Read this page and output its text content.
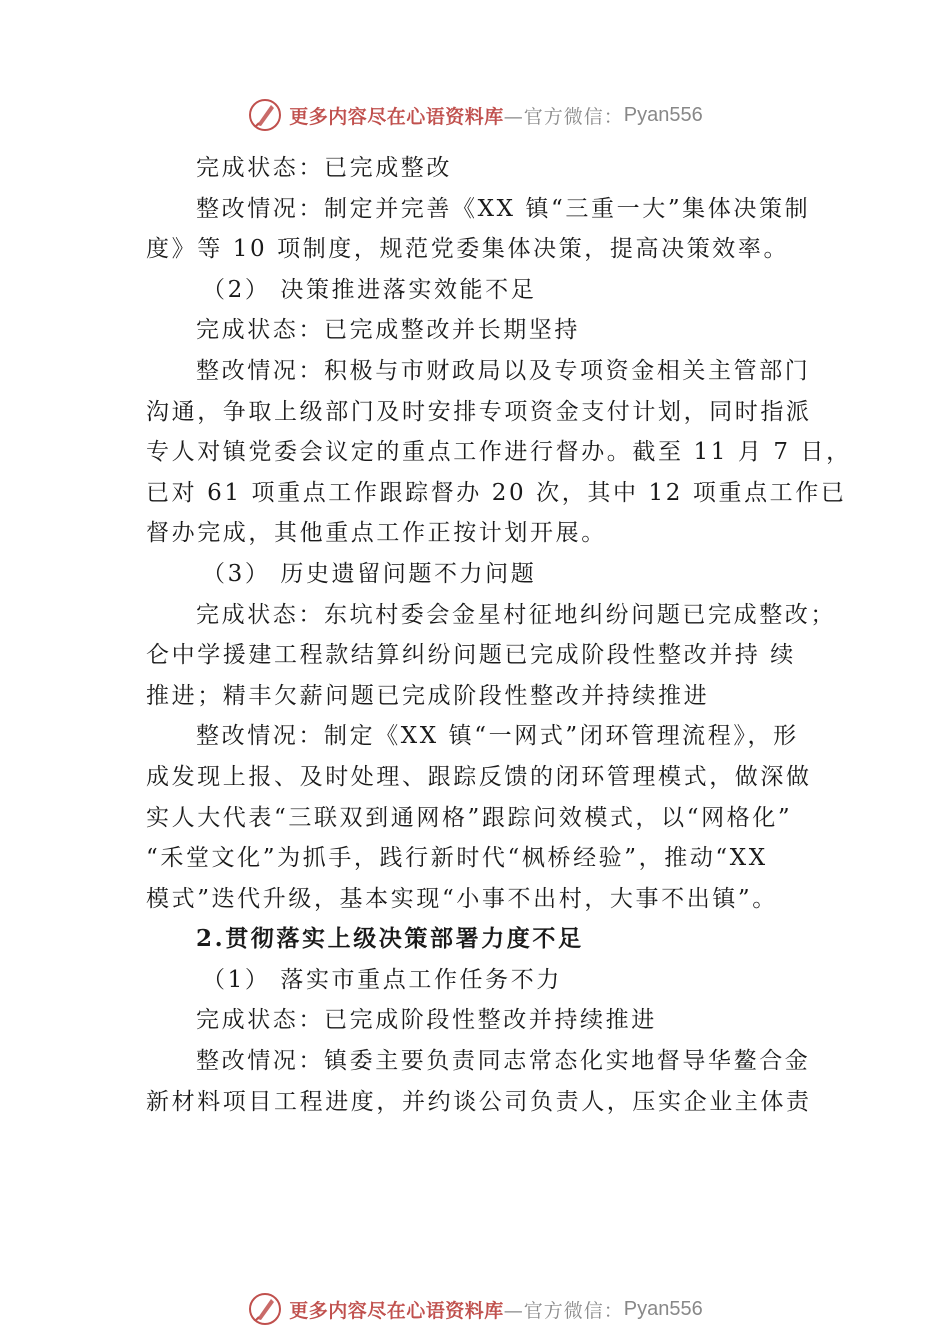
更多内容尽在心语资料库 —官方微信： Pyan556

完成状态：已完成整改

整改情况：制定并完善《XX 镇“三重一大”集体决策制

度》等 10 项制度，规范党委集体决策，提高决策效率。

（2） 决策推进落实效能不足

完成状态：已完成整改并长期坚持

整改情况：积极与市财政局以及专项资金相关主管部门

沟通，争取上级部门及时安排专项资金支付计划，同时指派

专人对镇党委会议定的重点工作进行督办。截至 11 月 7 日，

已对 61 项重点工作跟踪督办 20 次，其中 12 项重点工作已

督办完成，其他重点工作正按计划开展。

（3） 历史遗留问题不力问题

完成状态：东坑村委会金星村征地纠纷问题已完成整改；

仑中学援建工程款结算纠纷问题已完成阶段性整改并持 续

推进；精丰欠薪问题已完成阶段性整改并持续推进

整改情况：制定《XX 镇“一网式”闭环管理流程》，形

成发现上报、及时处理、跟踪反馈的闭环管理模式，做深做

实人大代表“三联双到通网格”跟踪问效模式，以“网格化”

“禾堂文化”为抓手，践行新时代“枫桥经验”，推动“XX

模式”迭代升级，基本实现“小事不出村，大事不出镇”。

2.贯彻落实上级决策部署力度不足

（1） 落实市重点工作任务不力

完成状态：已完成阶段性整改并持续推进

整改情况：镇委主要负责同志常态化实地督导华鳌合金

新材料项目工程进度，并约谈公司负责人，压实企业主体责

更多内容尽在心语资料库 —官方微信： Pyan556
